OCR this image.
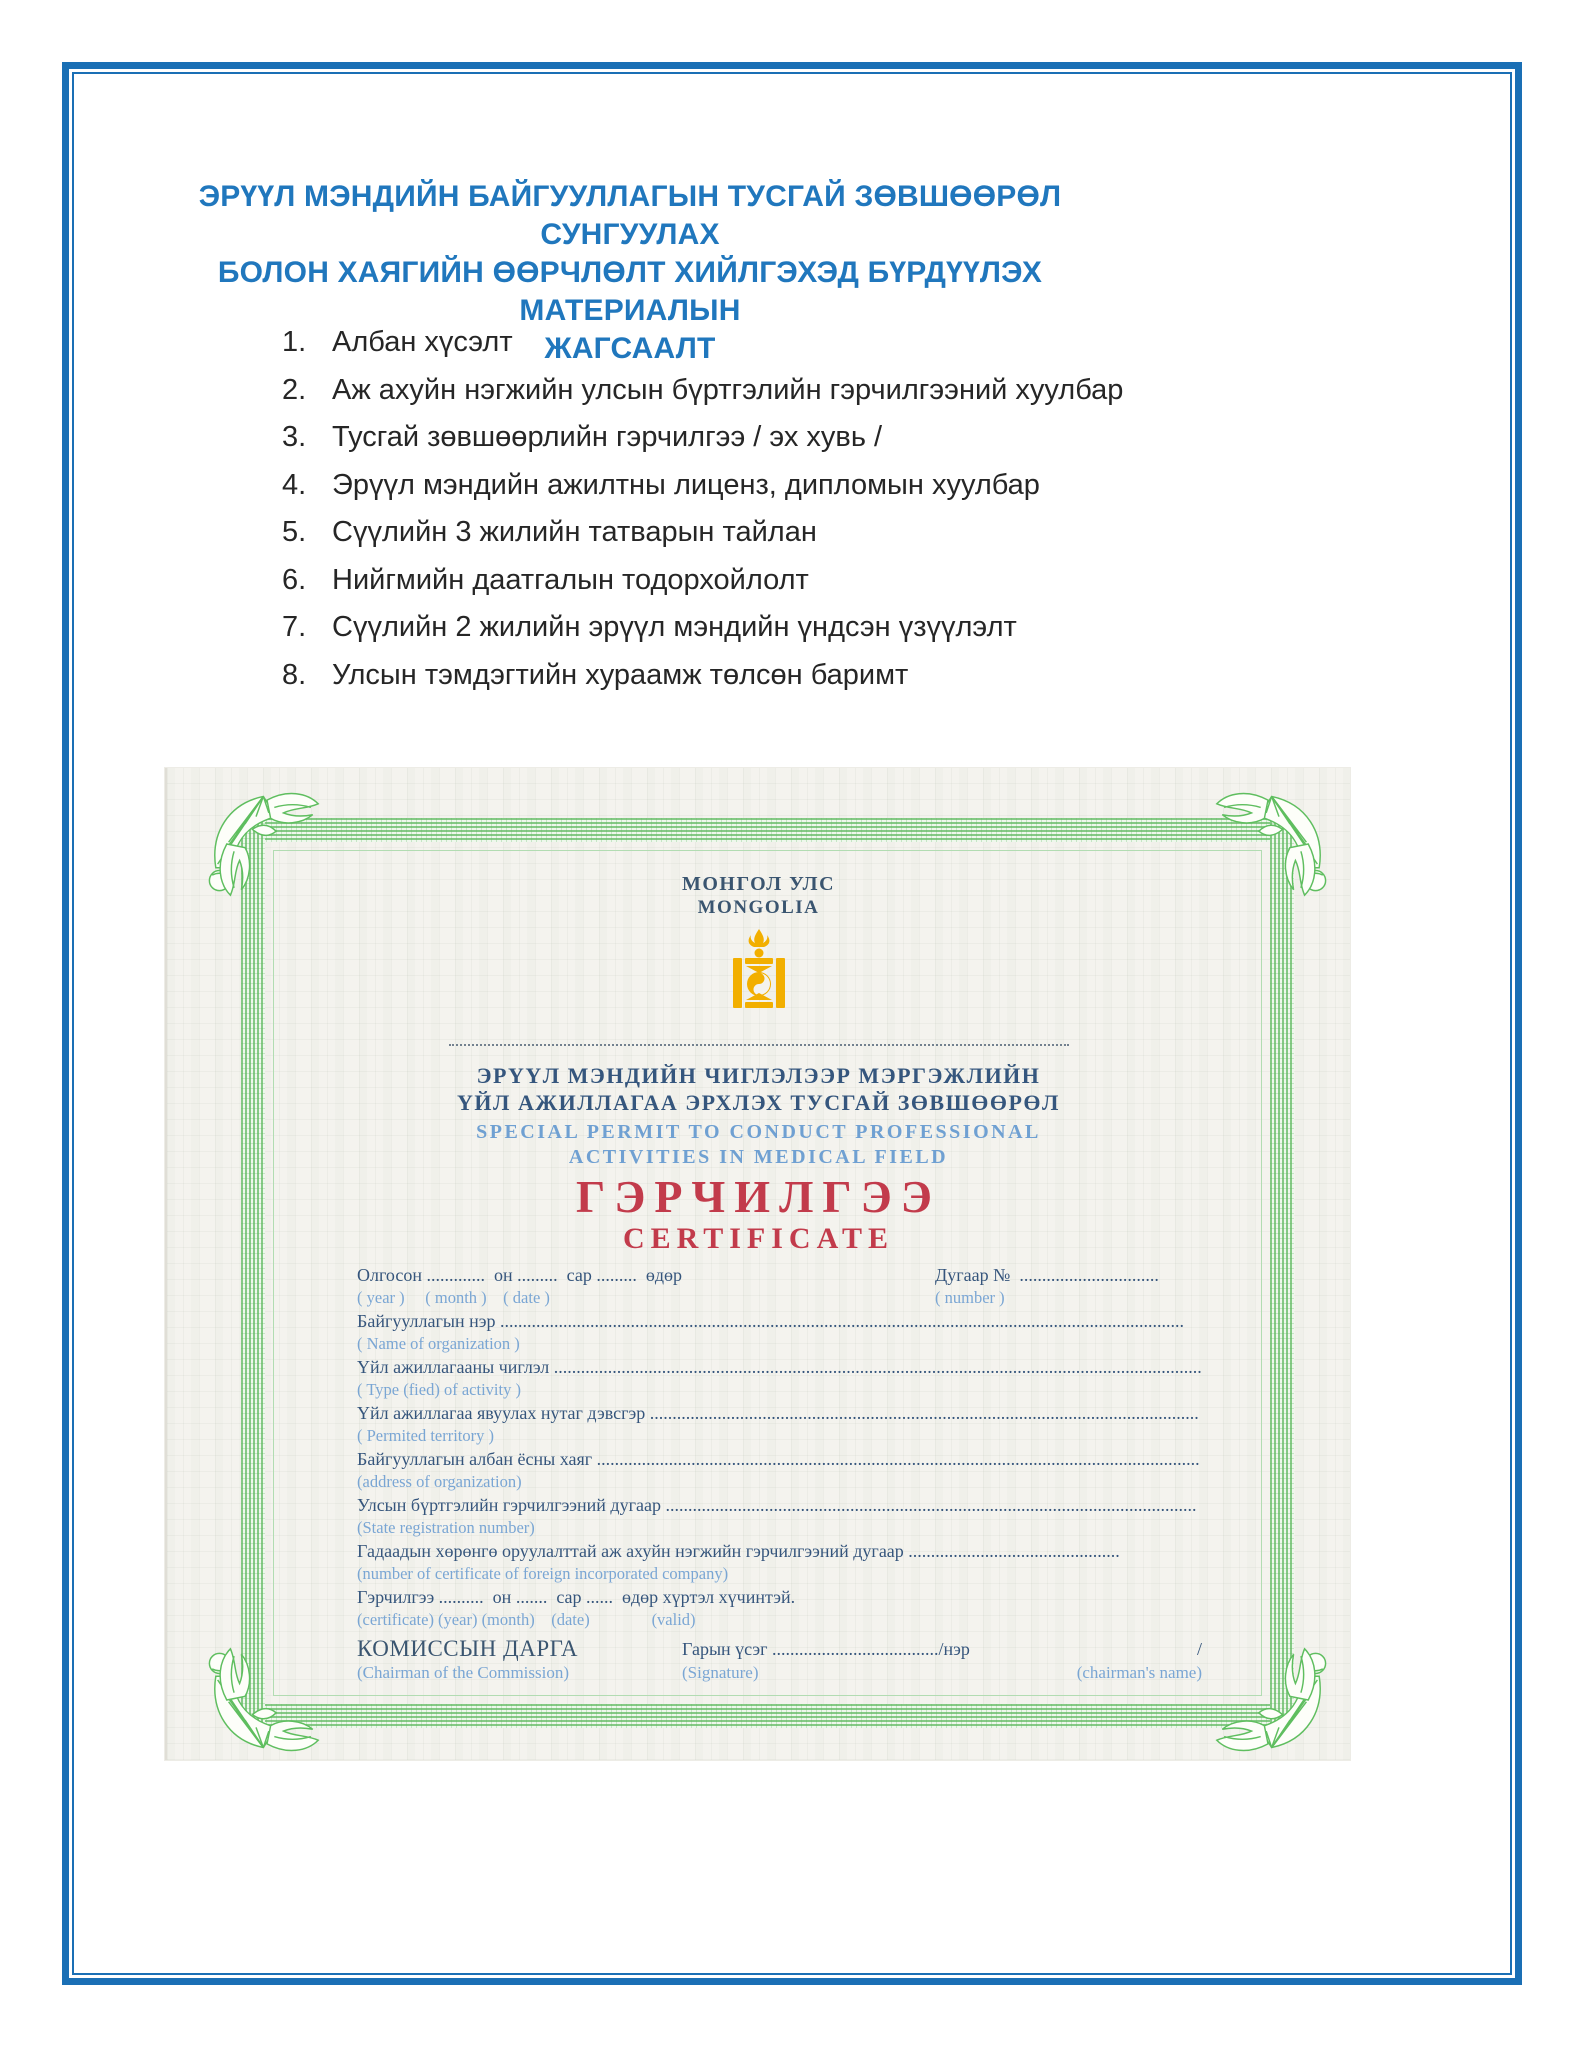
ЭРҮҮЛ МЭНДИЙН БАЙГУУЛЛАГЫН ТУСГАЙ ЗӨВШӨӨРӨЛ СУНГУУЛАХ
БОЛОН ХАЯГИЙН ӨӨРЧЛӨЛТ ХИЙЛГЭХЭД БҮРДҮҮЛЭХ МАТЕРИАЛЫН
ЖАГСААЛТ
1. Албан хүсэлт
2. Аж ахуйн нэгжийн улсын бүртгэлийн гэрчилгээний хуулбар
3. Тусгай зөвшөөрлийн гэрчилгээ / эх хувь /
4. Эрүүл мэндийн ажилтны лиценз, дипломын хуулбар
5. Сүүлийн 3 жилийн татварын тайлан
6. Нийгмийн даатгалын тодорхойлолт
7. Сүүлийн 2 жилийн эрүүл мэндийн үндсэн үзүүлэлт
8. Улсын тэмдэгтийн хураамж төлсөн баримт
МОНГОЛ УЛС
MONGOLIA
ЭРҮҮЛ МЭНДИЙН ЧИГЛЭЛЭЭР МЭРГЭЖЛИЙН
ҮЙЛ АЖИЛЛАГАА ЭРХЛЭХ ТУСГАЙ ЗӨВШӨӨРӨЛ
SPECIAL PERMIT TO CONDUCT PROFESSIONAL
ACTIVITIES IN MEDICAL FIELD
ГЭРЧИЛГЭЭ
CERTIFICATE
Олгосон .............  он .........  сар .........  өдөр
( year )     ( month )    ( date )
Дугаар №  ...............................
( number )
Байгууллагын нэр ........................................................................................................................................................
( Name of organization )
Үйл ажиллагааны чиглэл ................................................................................................................................................
( Type (fied) of activity )
Үйл ажиллагаа явуулах нутаг дэвсгэр ..........................................................................................................................
( Permited territory )
Байгууллагын албан ёсны хаяг ......................................................................................................................................
(address of organization)
Улсын бүртгэлийн гэрчилгээний дугаар ......................................................................................................................
(State registration number)
Гадаадын хөрөнгө оруулалттай аж ахуйн нэгжийн гэрчилгээний дугаар ...............................................
(number of certificate of foreign incorporated company)
Гэрчилгээ ..........  он .......  сар ......  өдөр хүртэл хүчинтэй.
(certificate) (year) (month)    (date)               (valid)
КОМИССЫН ДАРГА
(Chairman of the Commission)
Гарын үсэг ...................................../нэр
(Signature)
/
(chairman's name)
